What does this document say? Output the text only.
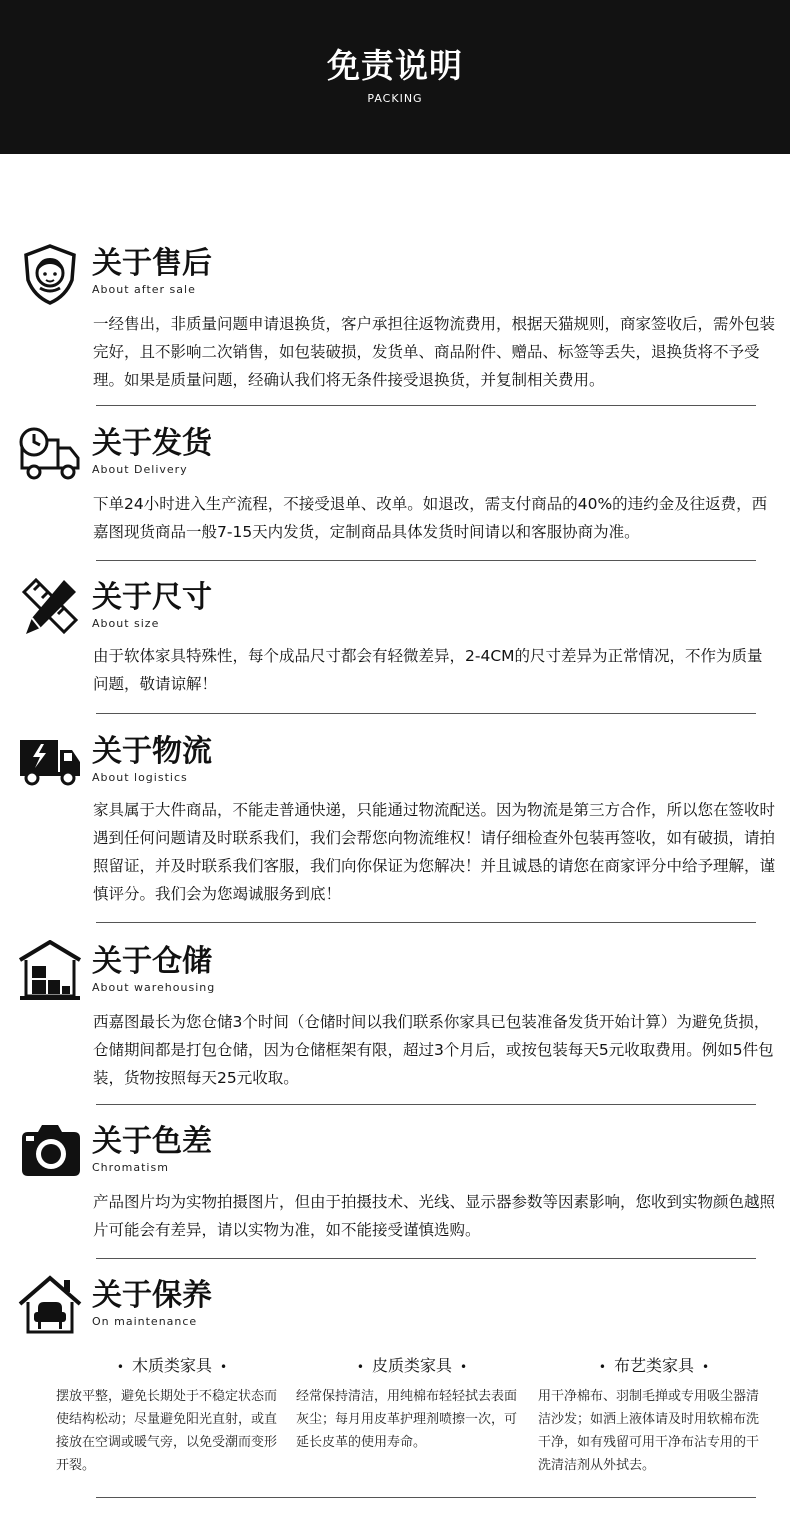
免责说明
PACKING
关于售后
About after sale

一经售出，非质量问题申请退换货，客户承担往返物流费用，根据天猫规则，商家签收后，需外包装完好，且不影响二次销售，如包装破损，发货单、商品附件、赠品、标签等丢失，退换货将不予受理。如果是质量问题，经确认我们将无条件接受退换货，并复制相关费用。

关于发货
About Delivery

下单24小时进入生产流程，不接受退单、改单。如退改，需支付商品的40%的违约金及往返费，西嘉图现货商品一般7-15天内发货，定制商品具体发货时间请以和客服协商为准。

关于尺寸
About size

由于软体家具特殊性，每个成品尺寸都会有轻微差异，2-4CM的尺寸差异为正常情况，不作为质量问题，敬请谅解！

关于物流
About logistics

家具属于大件商品，不能走普通快递，只能通过物流配送。因为物流是第三方合作，所以您在签收时遇到任何问题请及时联系我们，我们会帮您向物流维权！请仔细检查外包装再签收，如有破损，请拍照留证，并及时联系我们客服，我们向你保证为您解决！并且诚恳的请您在商家评分中给予理解，谨慎评分。我们会为您竭诚服务到底！

关于仓储
About warehousing

西嘉图最长为您仓储3个时间（仓储时间以我们联系你家具已包装准备发货开始计算）为避免货损，仓储期间都是打包仓储，因为仓储框架有限，超过3个月后，或按包装每天5元收取费用。例如5件包装，货物按照每天25元收取。

关于色差
Chromatism

产品图片均为实物拍摄图片，但由于拍摄技术、光线、显示器参数等因素影响，您收到实物颜色越照片可能会有差异，请以实物为准，如不能接受谨慎选购。

关于保养
On maintenance
• 木质类家具 •
摆放平整，避免长期处于不稳定状态而使结构松动；尽量避免阳光直射，或直接放在空调或暖气旁，以免受潮而变形开裂。
• 皮质类家具 •
经常保持清洁，用纯棉布轻轻拭去表面灰尘；每月用皮革护理剂喷擦一次，可延长皮革的使用寿命。
• 布艺类家具 •
用干净棉布、羽制毛掸或专用吸尘器清洁沙发；如洒上液体请及时用软棉布洗干净，如有残留可用干净布沾专用的干洗清洁剂从外拭去。
